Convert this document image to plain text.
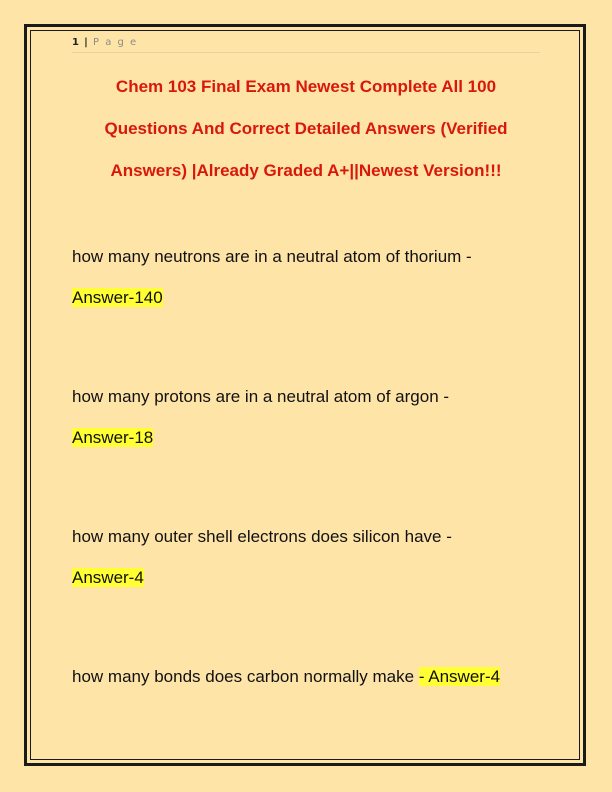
1 | P a g e
Chem 103 Final Exam Newest Complete All 100
Questions And Correct Detailed Answers (Verified
Answers) |Already Graded A+||Newest Version!!!
how many neutrons are in a neutral atom of thorium -
Answer-140
how many protons are in a neutral atom of argon -
Answer-18
how many outer shell electrons does silicon have -
Answer-4
how many bonds does carbon normally make - Answer-4
